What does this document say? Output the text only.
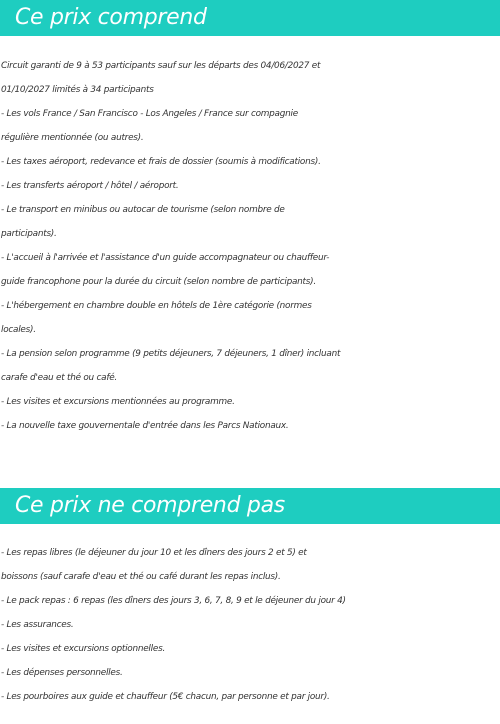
Ce prix comprend
Circuit garanti de 9 à 53 participants sauf sur les départs des 04/06/2027 et
01/10/2027 limités à 34 participants
- Les vols France / San Francisco - Los Angeles / France sur compagnie
régulière mentionnée (ou autres).
- Les taxes aéroport, redevance et frais de dossier (soumis à modifications).
- Les transferts aéroport / hôtel / aéroport.
- Le transport en minibus ou autocar de tourisme (selon nombre de
participants).
- L'accueil à l'arrivée et l'assistance d'un guide accompagnateur ou chauffeur-
guide francophone pour la durée du circuit (selon nombre de participants).
- L'hébergement en chambre double en hôtels de 1ère catégorie (normes
locales).
- La pension selon programme (9 petits déjeuners, 7 déjeuners, 1 dîner) incluant
carafe d'eau et thé ou café.
- Les visites et excursions mentionnées au programme.
- La nouvelle taxe gouvernentale d'entrée dans les Parcs Nationaux.
Ce prix ne comprend pas
- Les repas libres (le déjeuner du jour 10 et les dîners des jours 2 et 5) et
boissons (sauf carafe d'eau et thé ou café durant les repas inclus).
- Le pack repas : 6 repas (les dîners des jours 3, 6, 7, 8, 9 et le déjeuner du jour 4)
- Les assurances.
- Les visites et excursions optionnelles.
- Les dépenses personnelles.
- Les pourboires aux guide et chauffeur (5€ chacun, par personne et par jour).
